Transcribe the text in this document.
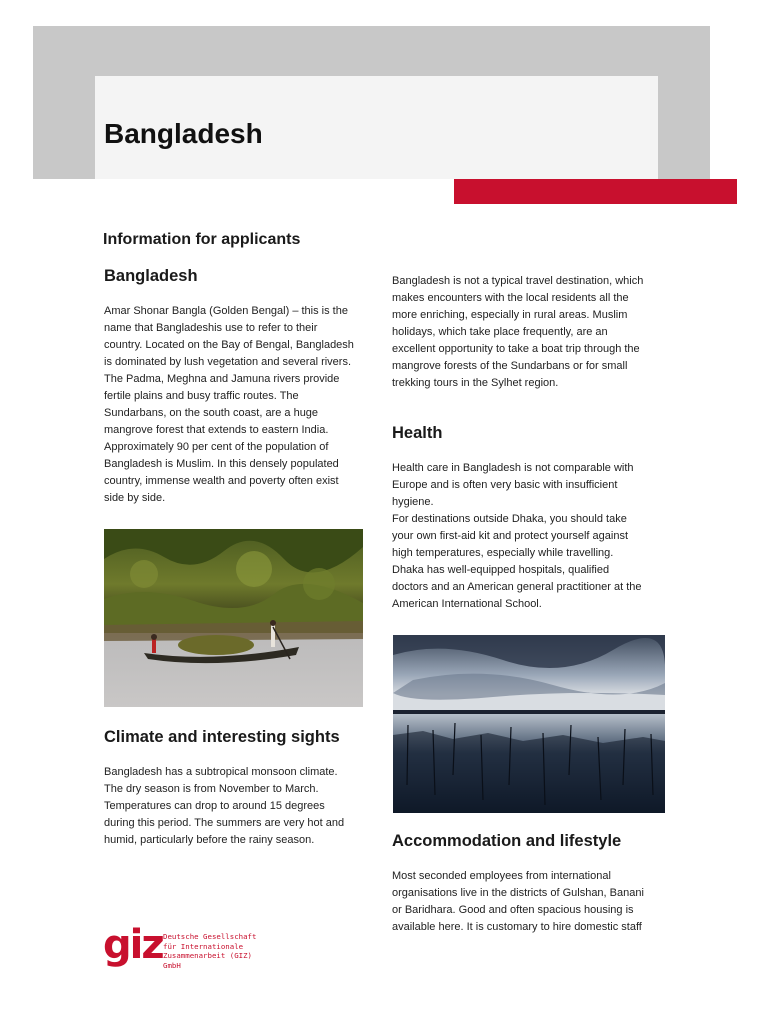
Bangladesh
Information for applicants
Bangladesh
Amar Shonar Bangla (Golden Bengal) – this is the
name that Bangladeshis use to refer to their
country. Located on the Bay of Bengal, Bangladesh
is dominated by lush vegetation and several rivers.
The Padma, Meghna and Jamuna rivers provide
fertile plains and busy traffic routes. The
Sundarbans, on the south coast, are a huge
mangrove forest that extends to eastern India.
Approximately 90 per cent of the population of
Bangladesh is Muslim. In this densely populated
country, immense wealth and poverty often exist
side by side.
Climate and interesting sights
Bangladesh has a subtropical monsoon climate.
The dry season is from November to March.
Temperatures can drop to around 15 degrees
during this period. The summers are very hot and
humid, particularly before the rainy season.
Bangladesh is not a typical travel destination, which
makes encounters with the local residents all the
more enriching, especially in rural areas. Muslim
holidays, which take place frequently, are an
excellent opportunity to take a boat trip through the
mangrove forests of the Sundarbans or for small
trekking tours in the Sylhet region.
Health
Health care in Bangladesh is not comparable with
Europe and is often very basic with insufficient
hygiene.
For destinations outside Dhaka, you should take
your own first-aid kit and protect yourself against
high temperatures, especially while travelling.
Dhaka has well-equipped hospitals, qualified
doctors and an American general practitioner at the
American International School.
Accommodation and lifestyle
Most seconded employees from international
organisations live in the districts of Gulshan, Banani
or Baridhara. Good and often spacious housing is
available here. It is customary to hire domestic staff
giz Deutsche Gesellschaft
für Internationale
Zusammenarbeit (GIZ) GmbH
